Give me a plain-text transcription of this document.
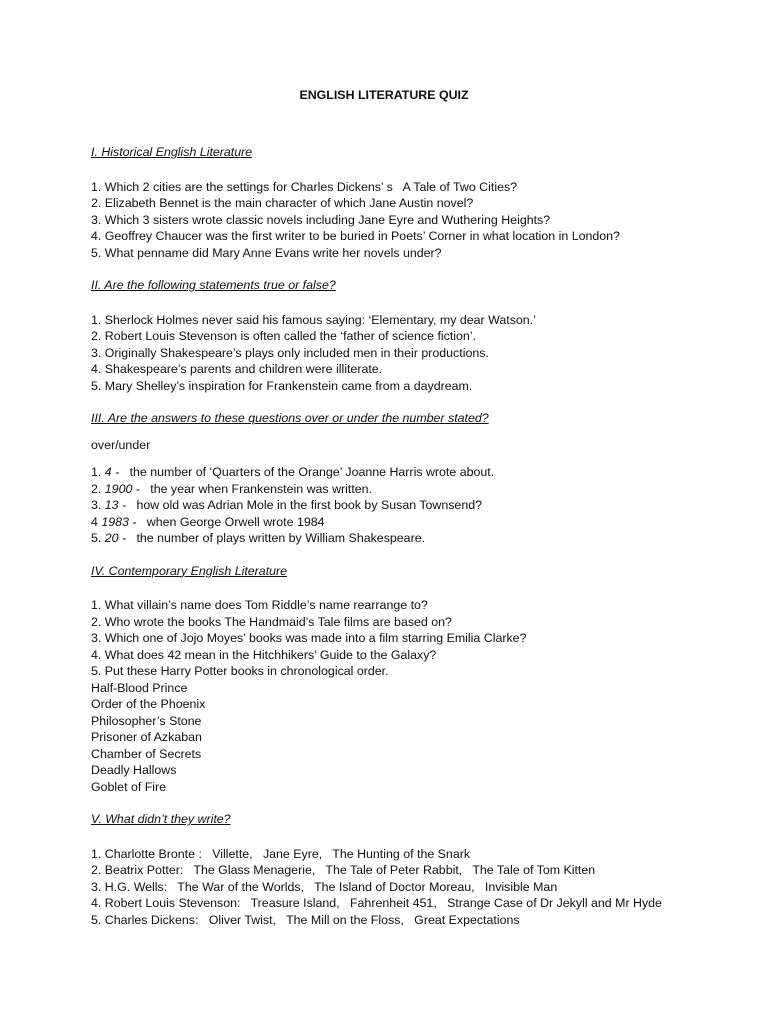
ENGLISH LITERATURE QUIZ
I. Historical English Literature
1. Which 2 cities are the settings for Charles Dickens’ s   A Tale of Two Cities?
2. Elizabeth Bennet is the main character of which Jane Austin novel?
3. Which 3 sisters wrote classic novels including Jane Eyre and Wuthering Heights?
4. Geoffrey Chaucer was the first writer to be buried in Poets’ Corner in what location in London?
5. What penname did Mary Anne Evans write her novels under?
II. Are the following statements true or false?
1. Sherlock Holmes never said his famous saying: ‘Elementary, my dear Watson.’
2. Robert Louis Stevenson is often called the ‘father of science fiction’.
3. Originally Shakespeare’s plays only included men in their productions.
4. Shakespeare’s parents and children were illiterate.
5. Mary Shelley’s inspiration for Frankenstein came from a daydream.
III. Are the answers to these questions over or under the number stated?
over/under
1. 4 -   the number of ‘Quarters of the Orange’ Joanne Harris wrote about.
2. 1900 -   the year when Frankenstein was written.
3. 13 -   how old was Adrian Mole in the first book by Susan Townsend?
4 1983 -   when George Orwell wrote 1984
5. 20 -   the number of plays written by William Shakespeare.
IV. Contemporary English Literature
1. What villain’s name does Tom Riddle’s name rearrange to?
2. Who wrote the books The Handmaid’s Tale films are based on?
3. Which one of Jojo Moyes’ books was made into a film starring Emilia Clarke?
4. What does 42 mean in the Hitchhikers’ Guide to the Galaxy?
5. Put these Harry Potter books in chronological order.
Half-Blood Prince
Order of the Phoenix
Philosopher’s Stone
Prisoner of Azkaban
Chamber of Secrets
Deadly Hallows
Goblet of Fire
V. What didn’t they write?
1. Charlotte Bronte :   Villette,   Jane Eyre,   The Hunting of the Snark
2. Beatrix Potter:   The Glass Menagerie,   The Tale of Peter Rabbit,   The Tale of Tom Kitten
3. H.G. Wells:   The War of the Worlds,   The Island of Doctor Moreau,   Invisible Man
4. Robert Louis Stevenson:   Treasure Island,   Fahrenheit 451,   Strange Case of Dr Jekyll and Mr Hyde
5. Charles Dickens:   Oliver Twist,   The Mill on the Floss,   Great Expectations
